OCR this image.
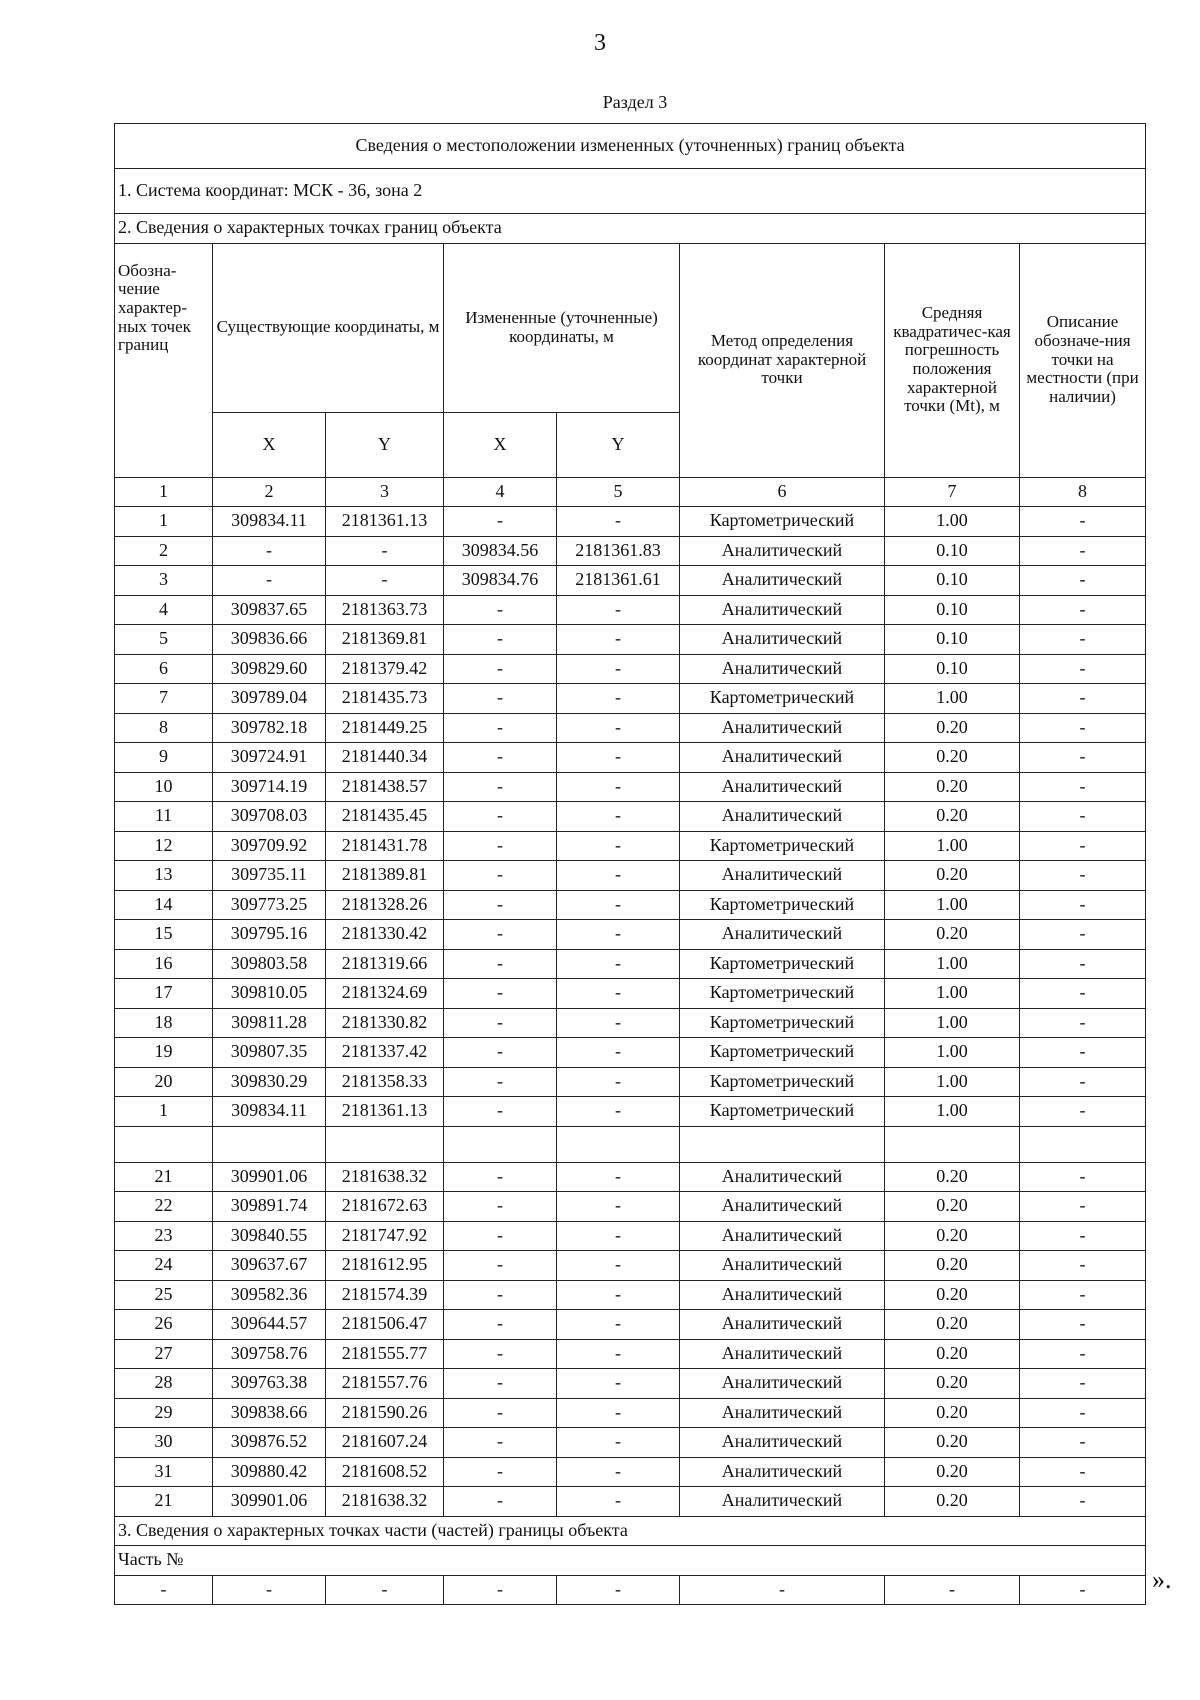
3
Раздел 3
Сведения о местоположении измененных (уточненных) границ объекта							
1. Система координат: МСК - 36, зона 2							
2. Сведения о характерных точках границ объекта							
Обозна-чение характер-ных точек границ	Существующие координаты, м		Измененные (уточненные) координаты, м		Метод определения координат характерной точки	Средняя квадратичес-кая погрешность положения характерной точки (Mt), м	Описание обозначе-ния точки на местности (при наличии)
	X	Y	X	Y			
1	2	3	4	5	6	7	8
1	309834.11	2181361.13	-	-	Картометрический	1.00	-
2	-	-	309834.56	2181361.83	Аналитический	0.10	-
3	-	-	309834.76	2181361.61	Аналитический	0.10	-
4	309837.65	2181363.73	-	-	Аналитический	0.10	-
5	309836.66	2181369.81	-	-	Аналитический	0.10	-
6	309829.60	2181379.42	-	-	Аналитический	0.10	-
7	309789.04	2181435.73	-	-	Картометрический	1.00	-
8	309782.18	2181449.25	-	-	Аналитический	0.20	-
9	309724.91	2181440.34	-	-	Аналитический	0.20	-
10	309714.19	2181438.57	-	-	Аналитический	0.20	-
11	309708.03	2181435.45	-	-	Аналитический	0.20	-
12	309709.92	2181431.78	-	-	Картометрический	1.00	-
13	309735.11	2181389.81	-	-	Аналитический	0.20	-
14	309773.25	2181328.26	-	-	Картометрический	1.00	-
15	309795.16	2181330.42	-	-	Аналитический	0.20	-
16	309803.58	2181319.66	-	-	Картометрический	1.00	-
17	309810.05	2181324.69	-	-	Картометрический	1.00	-
18	309811.28	2181330.82	-	-	Картометрический	1.00	-
19	309807.35	2181337.42	-	-	Картометрический	1.00	-
20	309830.29	2181358.33	-	-	Картометрический	1.00	-
1	309834.11	2181361.13	-	-	Картометрический	1.00	-

21	309901.06	2181638.32	-	-	Аналитический	0.20	-
22	309891.74	2181672.63	-	-	Аналитический	0.20	-
23	309840.55	2181747.92	-	-	Аналитический	0.20	-
24	309637.67	2181612.95	-	-	Аналитический	0.20	-
25	309582.36	2181574.39	-	-	Аналитический	0.20	-
26	309644.57	2181506.47	-	-	Аналитический	0.20	-
27	309758.76	2181555.77	-	-	Аналитический	0.20	-
28	309763.38	2181557.76	-	-	Аналитический	0.20	-
29	309838.66	2181590.26	-	-	Аналитический	0.20	-
30	309876.52	2181607.24	-	-	Аналитический	0.20	-
31	309880.42	2181608.52	-	-	Аналитический	0.20	-
21	309901.06	2181638.32	-	-	Аналитический	0.20	-
3. Сведения о характерных точках части (частей) границы объекта							
Часть №							
-	-	-	-	-	-	-	-	».
